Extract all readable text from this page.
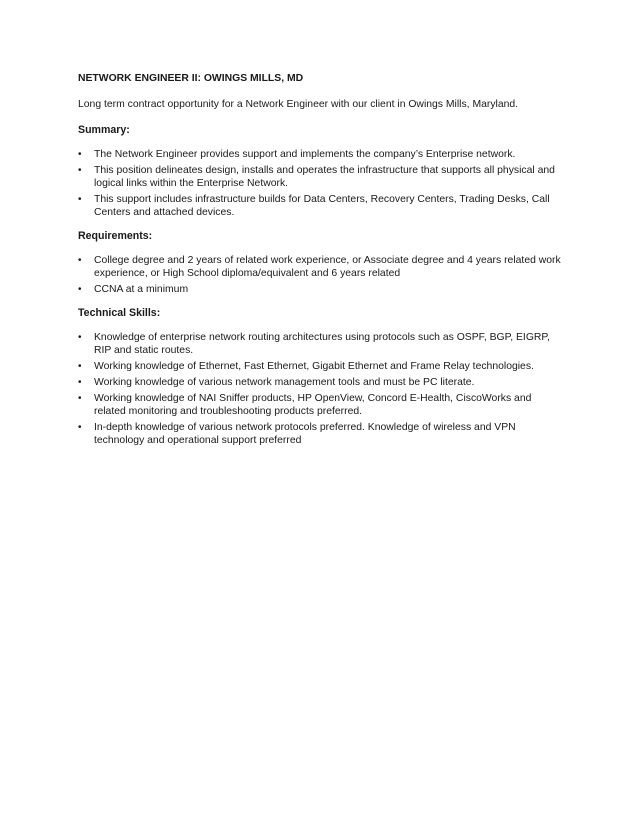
NETWORK ENGINEER II: OWINGS MILLS, MD
Long term contract opportunity for a Network Engineer with our client in Owings Mills, Maryland.
Summary:
•	The Network Engineer provides support and implements the company’s Enterprise network.
•	This position delineates design, installs and operates the infrastructure that supports all physical and logical links within the Enterprise Network.
•	This support includes infrastructure builds for Data Centers, Recovery Centers, Trading Desks, Call Centers and attached devices.
Requirements:
•	College degree and 2 years of related work experience, or Associate degree and 4 years related work experience, or High School diploma/equivalent and 6 years related
•	CCNA at a minimum
Technical Skills:
•	Knowledge of enterprise network routing architectures using protocols such as OSPF, BGP, EIGRP, RIP and static routes.
•	Working knowledge of Ethernet, Fast Ethernet, Gigabit Ethernet and Frame Relay technologies.
•	Working knowledge of various network management tools and must be PC literate.
•	Working knowledge of NAI Sniffer products, HP OpenView, Concord E-Health, CiscoWorks and related monitoring and troubleshooting products preferred.
•	In-depth knowledge of various network protocols preferred. Knowledge of wireless and VPN technology and operational support preferred
